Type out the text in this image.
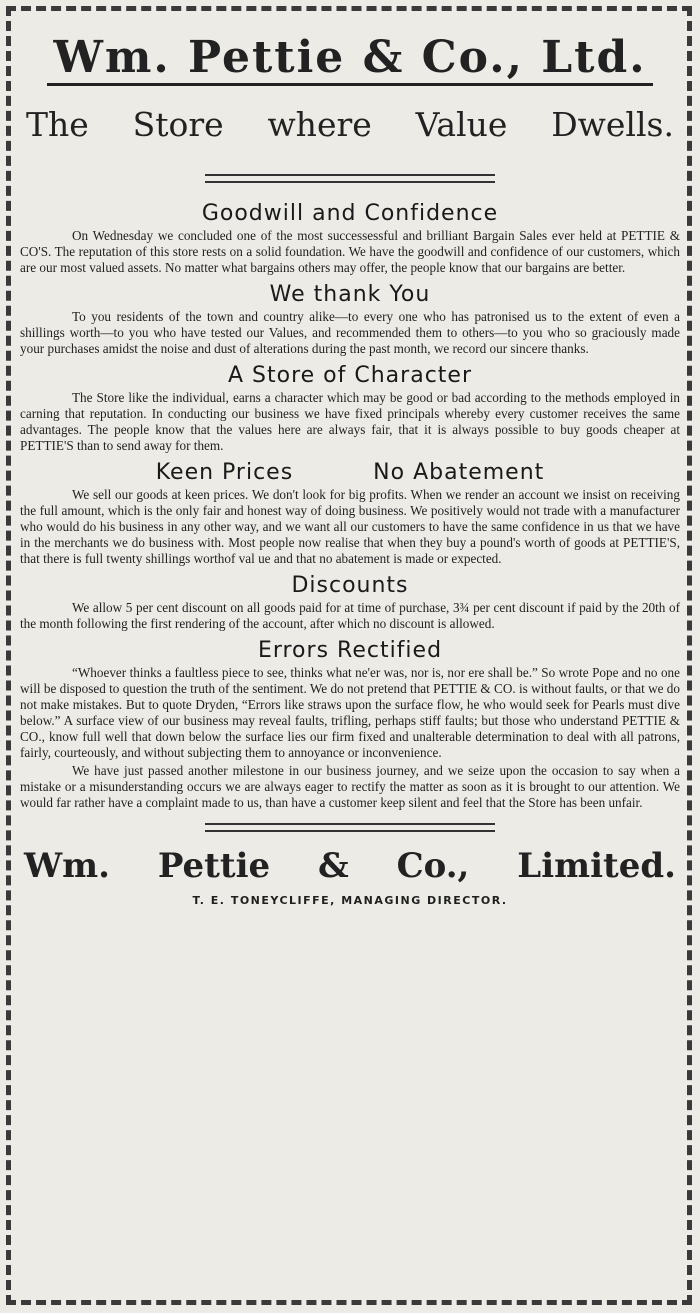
Wm. Pettie & Co., Ltd.
The Store where Value Dwells.
Goodwill and Confidence

On Wednesday we concluded one of the most successessful and brilliant Bargain Sales ever held at PETTIE & CO'S. The reputation of this store rests on a solid foundation. We have the goodwill and confidence of our customers, which are our most valued assets. No matter what bargains others may offer, the people know that our bargains are better.

We thank You

To you residents of the town and country alike—to every one who has patronised us to the extent of even a shillings worth—to you who have tested our Values, and recommended them to others—to you who so graciously made your purchases amidst the noise and dust of alterations during the past month, we record our sincere thanks.

A Store of Character

The Store like the individual, earns a character which may be good or bad according to the methods employed in carning that reputation. In conducting our business we have fixed principals whereby every customer receives the same advantages. The people know that the values here are always fair, that it is always possible to buy goods cheaper at PETTIE'S than to send away for them.

Keen Prices	No Abatement

We sell our goods at keen prices. We don't look for big profits. When we render an account we insist on receiving the full amount, which is the only fair and honest way of doing business. We positively would not trade with a manufacturer who would do his business in any other way, and we want all our customers to have the same confidence in us that we have in the merchants we do business with. Most people now realise that when they buy a pound's worth of goods at PETTIE'S, that there is full twenty shillings worthof val ue and that no abatement is made or expected.

Discounts

We allow 5 per cent discount on all goods paid for at time of purchase, 3¾ per cent discount if paid by the 20th of the month following the first rendering of the account, after which no discount is allowed.

Errors Rectified

“Whoever thinks a faultless piece to see, thinks what ne'er was, nor is, nor ere shall be.” So wrote Pope and no one will be disposed to question the truth of the sentiment. We do not pretend that PETTIE & CO. is without faults, or that we do not make mistakes. But to quote Dryden, “Errors like straws upon the surface flow, he who would seek for Pearls must dive below.” A surface view of our business may reveal faults, trifling, perhaps stiff faults; but those who understand PETTIE & CO., know full well that down below the surface lies our firm fixed and unalterable determination to deal with all patrons, fairly, courteously, and without subjecting them to annoyance or inconvenience.

We have just passed another milestone in our business journey, and we seize upon the occasion to say when a mistake or a misunderstanding occurs we are always eager to rectify the matter as soon as it is brought to our attention. We would far rather have a complaint made to us, than have a customer keep silent and feel that the Store has been unfair.

Wm. Pettie & Co., Limited.
T. E. TONEYCLIFFE, MANAGING DIRECTOR.
